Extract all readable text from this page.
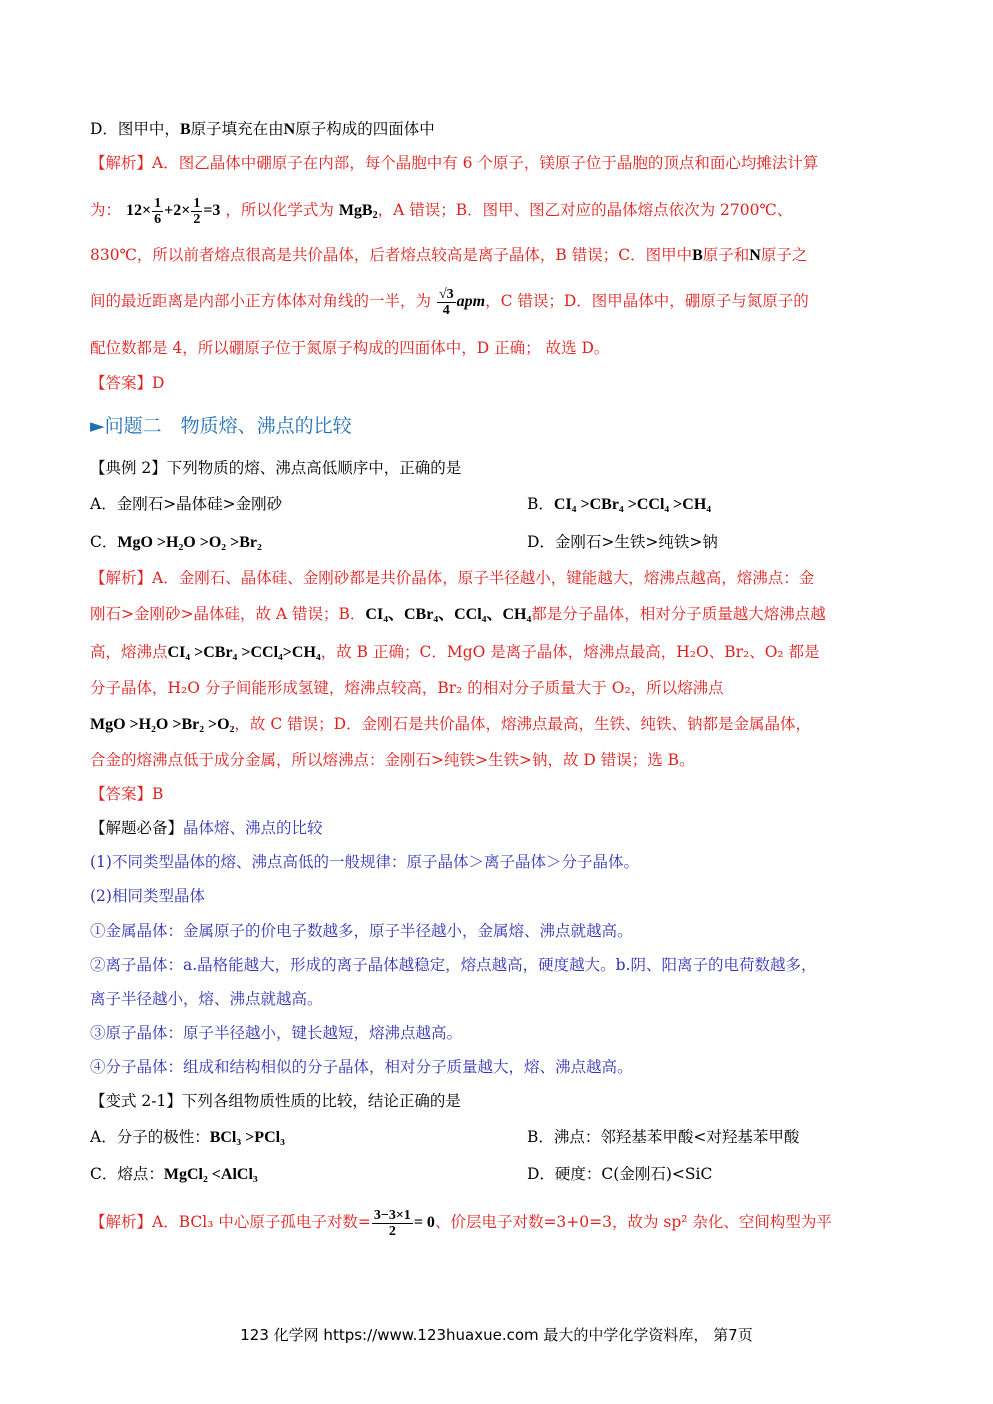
D．图甲中，B原子填充在由N原子构成的四面体中
【解析】A．图乙晶体中硼原子在内部，每个晶胞中有 6 个原子，镁原子位于晶胞的顶点和面心均摊法计算
为： $12\times \frac{1}{6} +2\times \frac{1}{2} =3$ ，所以化学式为 MgB$_2$，A 错误；B．图甲、图乙对应的晶体熔点依次为 2700℃、
830℃，所以前者熔点很高是共价晶体，后者熔点较高是离子晶体，B 错误；C．图甲中B原子和N原子之
间的最近距离是内部小正方体体对角线的一半，为 $\frac{√3}{4}$ apm，C 错误；D．图甲晶体中，硼原子与氮原子的
配位数都是 4，所以硼原子位于氮原子构成的四面体中，D 正确； 故选 D。
【答案】D
►问题二　物质熔、沸点的比较
【典例 2】下列物质的熔、沸点高低顺序中，正确的是
A．金刚石>晶体硅>金刚砂	B．CI₄ >CBr₄ >CCl₄ >CH₄
C．MgO >H₂O >O₂ >Br₂	D．金刚石>生铁>纯铁>钠
【解析】A．金刚石、晶体硅、金刚砂都是共价晶体，原子半径越小，键能越大，熔沸点越高，熔沸点：金
刚石>金刚砂>晶体硅，故 A 错误；B．CI₄、CBr₄、CCl₄、CH₄都是分子晶体，相对分子质量越大熔沸点越
高，熔沸点CI₄ >CBr₄ >CCl₄>CH₄，故 B 正确；C．MgO 是离子晶体，熔沸点最高，H₂O、Br₂、O₂ 都是
分子晶体，H₂O 分子间能形成氢键，熔沸点较高，Br₂ 的相对分子质量大于 O₂，所以熔沸点
MgO >H₂O >Br₂ >O₂，故 C 错误；D．金刚石是共价晶体，熔沸点最高，生铁、纯铁、钠都是金属晶体，
合金的熔沸点低于成分金属，所以熔沸点：金刚石>纯铁>生铁>钠，故 D 错误；选 B。
【答案】B
【解题必备】晶体熔、沸点的比较
(1)不同类型晶体的熔、沸点高低的一般规律：原子晶体＞离子晶体＞分子晶体。
(2)相同类型晶体
①金属晶体：金属原子的价电子数越多，原子半径越小，金属熔、沸点就越高。
②离子晶体：a.晶格能越大，形成的离子晶体越稳定，熔点越高，硬度越大。b.阴、阳离子的电荷数越多，
离子半径越小，熔、沸点就越高。
③原子晶体：原子半径越小，键长越短，熔沸点越高。
④分子晶体：组成和结构相似的分子晶体，相对分子质量越大，熔、沸点越高。
【变式 2-1】下列各组物质性质的比较，结论正确的是
A．分子的极性：BCl₃ >PCl₃	B．沸点：邻羟基苯甲酸<对羟基苯甲酸
C．熔点：MgCl₂ <AlCl₃	D．硬度：C(金刚石)<SiC
【解析】A．BCl₃ 中心原子孤电子对数= $\frac{3-3\times 1}{2} = 0$、价层电子对数=3+0=3，故为 sp² 杂化、空间构型为平
123 化学网 https://www.123huaxue.com 最大的中学化学资料库， 第7页
